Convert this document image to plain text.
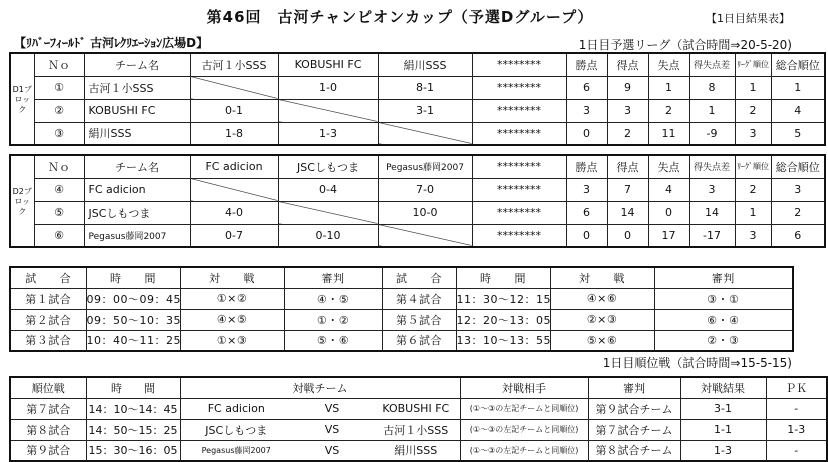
第46回　古河チャンピオンカップ（予選Dグループ）	【1日目結果表】
【ﾘﾊﾞｰﾌｨｰﾙﾄﾞ 古河ﾚｸﾘｴｰｼｮﾝ広場D】	1日目予選リーグ（試合時間⇒20-5-20)
D1ブロック	Ｎｏ	チーム名	古河１小SSS	KOBUSHI FC	絹川SSS	********	勝点	得点	失点	得失点差	ﾘｰｸﾞ順位	総合順位
	①	古河１小SSS		1-0	8-1	********	6	9	1	8	1	1
	②	KOBUSHI FC	0-1		3-1	********	3	3	2	1	2	4
	③	絹川SSS	1-8	1-3		********	0	2	11	-9	3	5
D2ブロック	Ｎｏ	チーム名	FC adicion	JSCしもつま	Pegasus藤岡2007	********	勝点	得点	失点	得失点差	ﾘｰｸﾞ順位	総合順位
	④	FC adicion		0-4	7-0	********	3	7	4	3	2	3
	⑤	JSCしもつま	4-0		10-0	********	6	14	0	14	1	2
	⑥	Pegasus藤岡2007	0-7	0-10		********	0	0	17	-17	3	6
試　　合	時　　間	対　　戦	審判	試　　合	時　　間	対　　戦	審判
第１試合	09：00～09：45	①×②	④・⑤	第４試合	11：30～12：15	④×⑥	③・①
第２試合	09：50～10：35	④×⑤	①・②	第５試合	12：20～13：05	②×③	⑥・④
第３試合	10：40～11：25	①×③	⑤・⑥	第６試合	13：10～13：55	⑤×⑥	②・③
1日目順位戦（試合時間⇒15-5-15)
順位戦	時　　間	対戦チーム			対戦相手	審判	対戦結果	ＰＫ
第７試合	14：10～14：45	FC adicion	VS	KOBUSHI FC	(①～③の左記チームと同順位)	第９試合チーム	3-1	-
第８試合	14：50～15：25	JSCしもつま	VS	古河１小SSS	(①～③の左記チームと同順位)	第７試合チーム	1-1	1-3
第９試合	15：30～16：05	Pegasus藤岡2007	VS	絹川SSS	(①～③の左記チームと同順位)	第８試合チーム	1-3	-
